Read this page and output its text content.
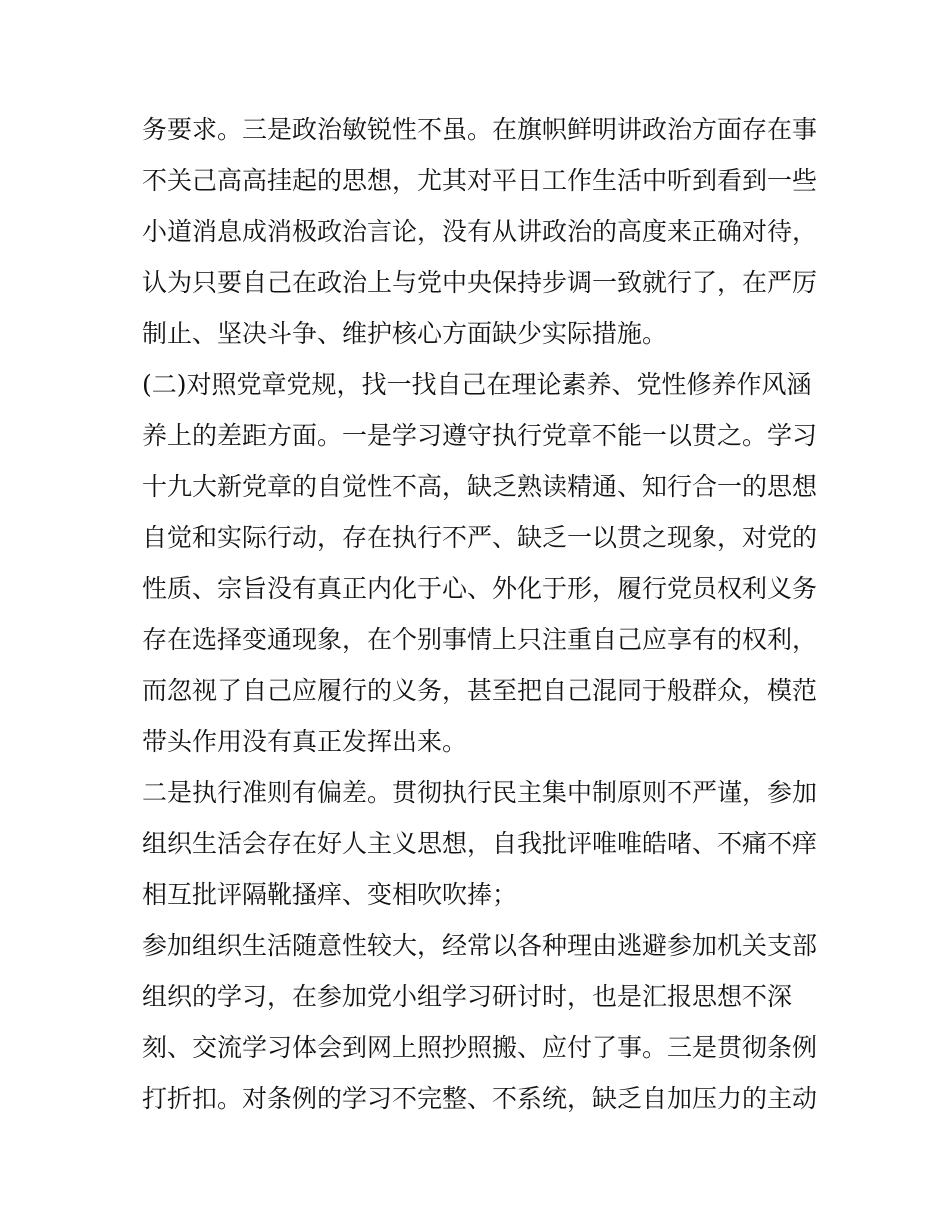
务要求。三是政治敏锐性不虽。在旗帜鲜明讲政治方面存在事
不关己高高挂起的思想，尤其对平日工作生活中听到看到一些
小道消息成消极政治言论，没有从讲政治的高度来正确对待，
认为只要自己在政治上与党中央保持步调一致就行了，在严厉
制止、坚决斗争、维护核心方面缺少实际措施。
(二)对照党章党规，找一找自己在理论素养、党性修养作风涵
养上的差距方面。一是学习遵守执行党章不能一以贯之。学习
十九大新党章的自觉性不高，缺乏熟读精通、知行合一的思想
自觉和实际行动，存在执行不严、缺乏一以贯之现象，对党的
性质、宗旨没有真正内化于心、外化于形，履行党员权利义务
存在选择变通现象，在个别事情上只注重自己应享有的权利，
而忽视了自己应履行的义务，甚至把自己混同于般群众，模范
带头作用没有真正发挥出来。
二是执行准则有偏差。贯彻执行民主集中制原则不严谨，参加
组织生活会存在好人主义思想，自我批评唯唯皓啫、不痛不痒
相互批评隔靴搔痒、变相吹吹捧；
参加组织生活随意性较大，经常以各种理由逃避参加机关支部
组织的学习，在参加党小组学习研讨时，也是汇报思想不深
刻、交流学习体会到网上照抄照搬、应付了事。三是贯彻条例
打折扣。对条例的学习不完整、不系统，缺乏自加压力的主动
